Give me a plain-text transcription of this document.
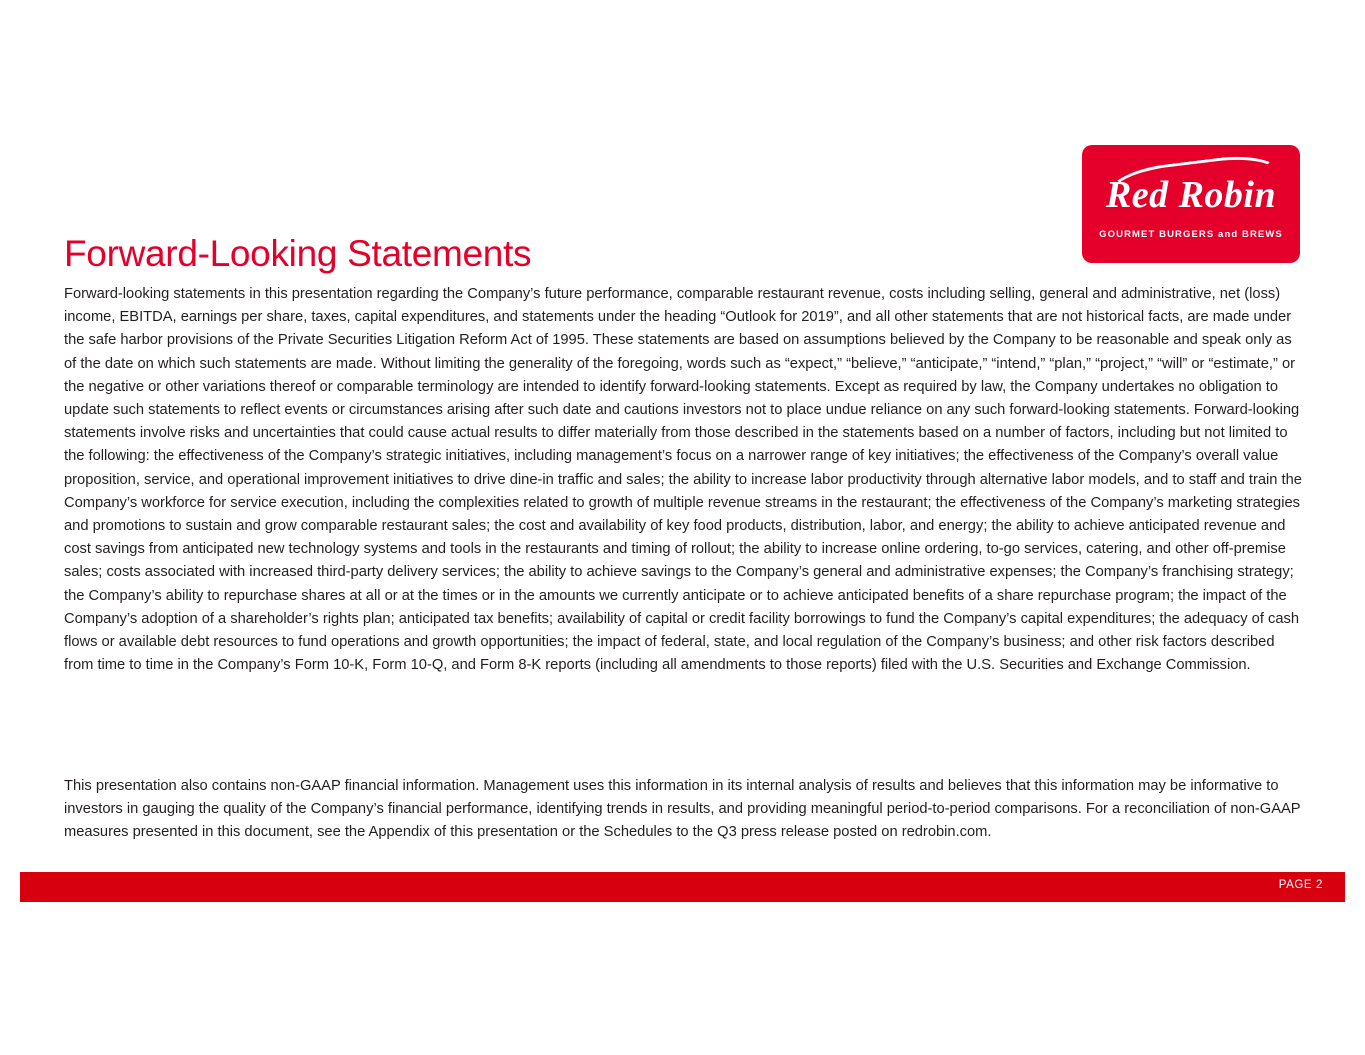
Red Robin
GOURMET BURGERS and BREWS
Forward-Looking Statements
Forward-looking statements in this presentation regarding the Company’s future performance, comparable restaurant revenue, costs including selling, general and administrative, net (loss) income, EBITDA, earnings per share, taxes, capital expenditures, and statements under the heading “Outlook for 2019”, and all other statements that are not historical facts, are made under the safe harbor provisions of the Private Securities Litigation Reform Act of 1995. These statements are based on assumptions believed by the Company to be reasonable and speak only as of the date on which such statements are made. Without limiting the generality of the foregoing, words such as “expect,” “believe,” “anticipate,” “intend,” “plan,” “project,” “will” or “estimate,” or the negative or other variations thereof or comparable terminology are intended to identify forward-looking statements. Except as required by law, the Company undertakes no obligation to update such statements to reflect events or circumstances arising after such date and cautions investors not to place undue reliance on any such forward-looking statements. Forward-looking statements involve risks and uncertainties that could cause actual results to differ materially from those described in the statements based on a number of factors, including but not limited to the following: the effectiveness of the Company’s strategic initiatives, including management’s focus on a narrower range of key initiatives; the effectiveness of the Company’s overall value proposition, service, and operational improvement initiatives to drive dine-in traffic and sales; the ability to increase labor productivity through alternative labor models, and to staff and train the Company’s workforce for service execution, including the complexities related to growth of multiple revenue streams in the restaurant; the effectiveness of the Company’s marketing strategies and promotions to sustain and grow comparable restaurant sales; the cost and availability of key food products, distribution, labor, and energy; the ability to achieve anticipated revenue and cost savings from anticipated new technology systems and tools in the restaurants and timing of rollout; the ability to increase online ordering, to-go services, catering, and other off-premise sales; costs associated with increased third-party delivery services; the ability to achieve savings to the Company’s general and administrative expenses; the Company’s franchising strategy; the Company’s ability to repurchase shares at all or at the times or in the amounts we currently anticipate or to achieve anticipated benefits of a share repurchase program; the impact of the Company’s adoption of a shareholder’s rights plan; anticipated tax benefits; availability of capital or credit facility borrowings to fund the Company’s capital expenditures; the adequacy of cash flows or available debt resources to fund operations and growth opportunities; the impact of federal, state, and local regulation of the Company’s business; and other risk factors described from time to time in the Company’s Form 10-K, Form 10-Q, and Form 8-K reports (including all amendments to those reports) filed with the U.S. Securities and Exchange Commission.
This presentation also contains non-GAAP financial information. Management uses this information in its internal analysis of results and believes that this information may be informative to investors in gauging the quality of the Company’s financial performance, identifying trends in results, and providing meaningful period-to-period comparisons. For a reconciliation of non-GAAP measures presented in this document, see the Appendix of this presentation or the Schedules to the Q3 press release posted on redrobin.com.
PAGE 2
